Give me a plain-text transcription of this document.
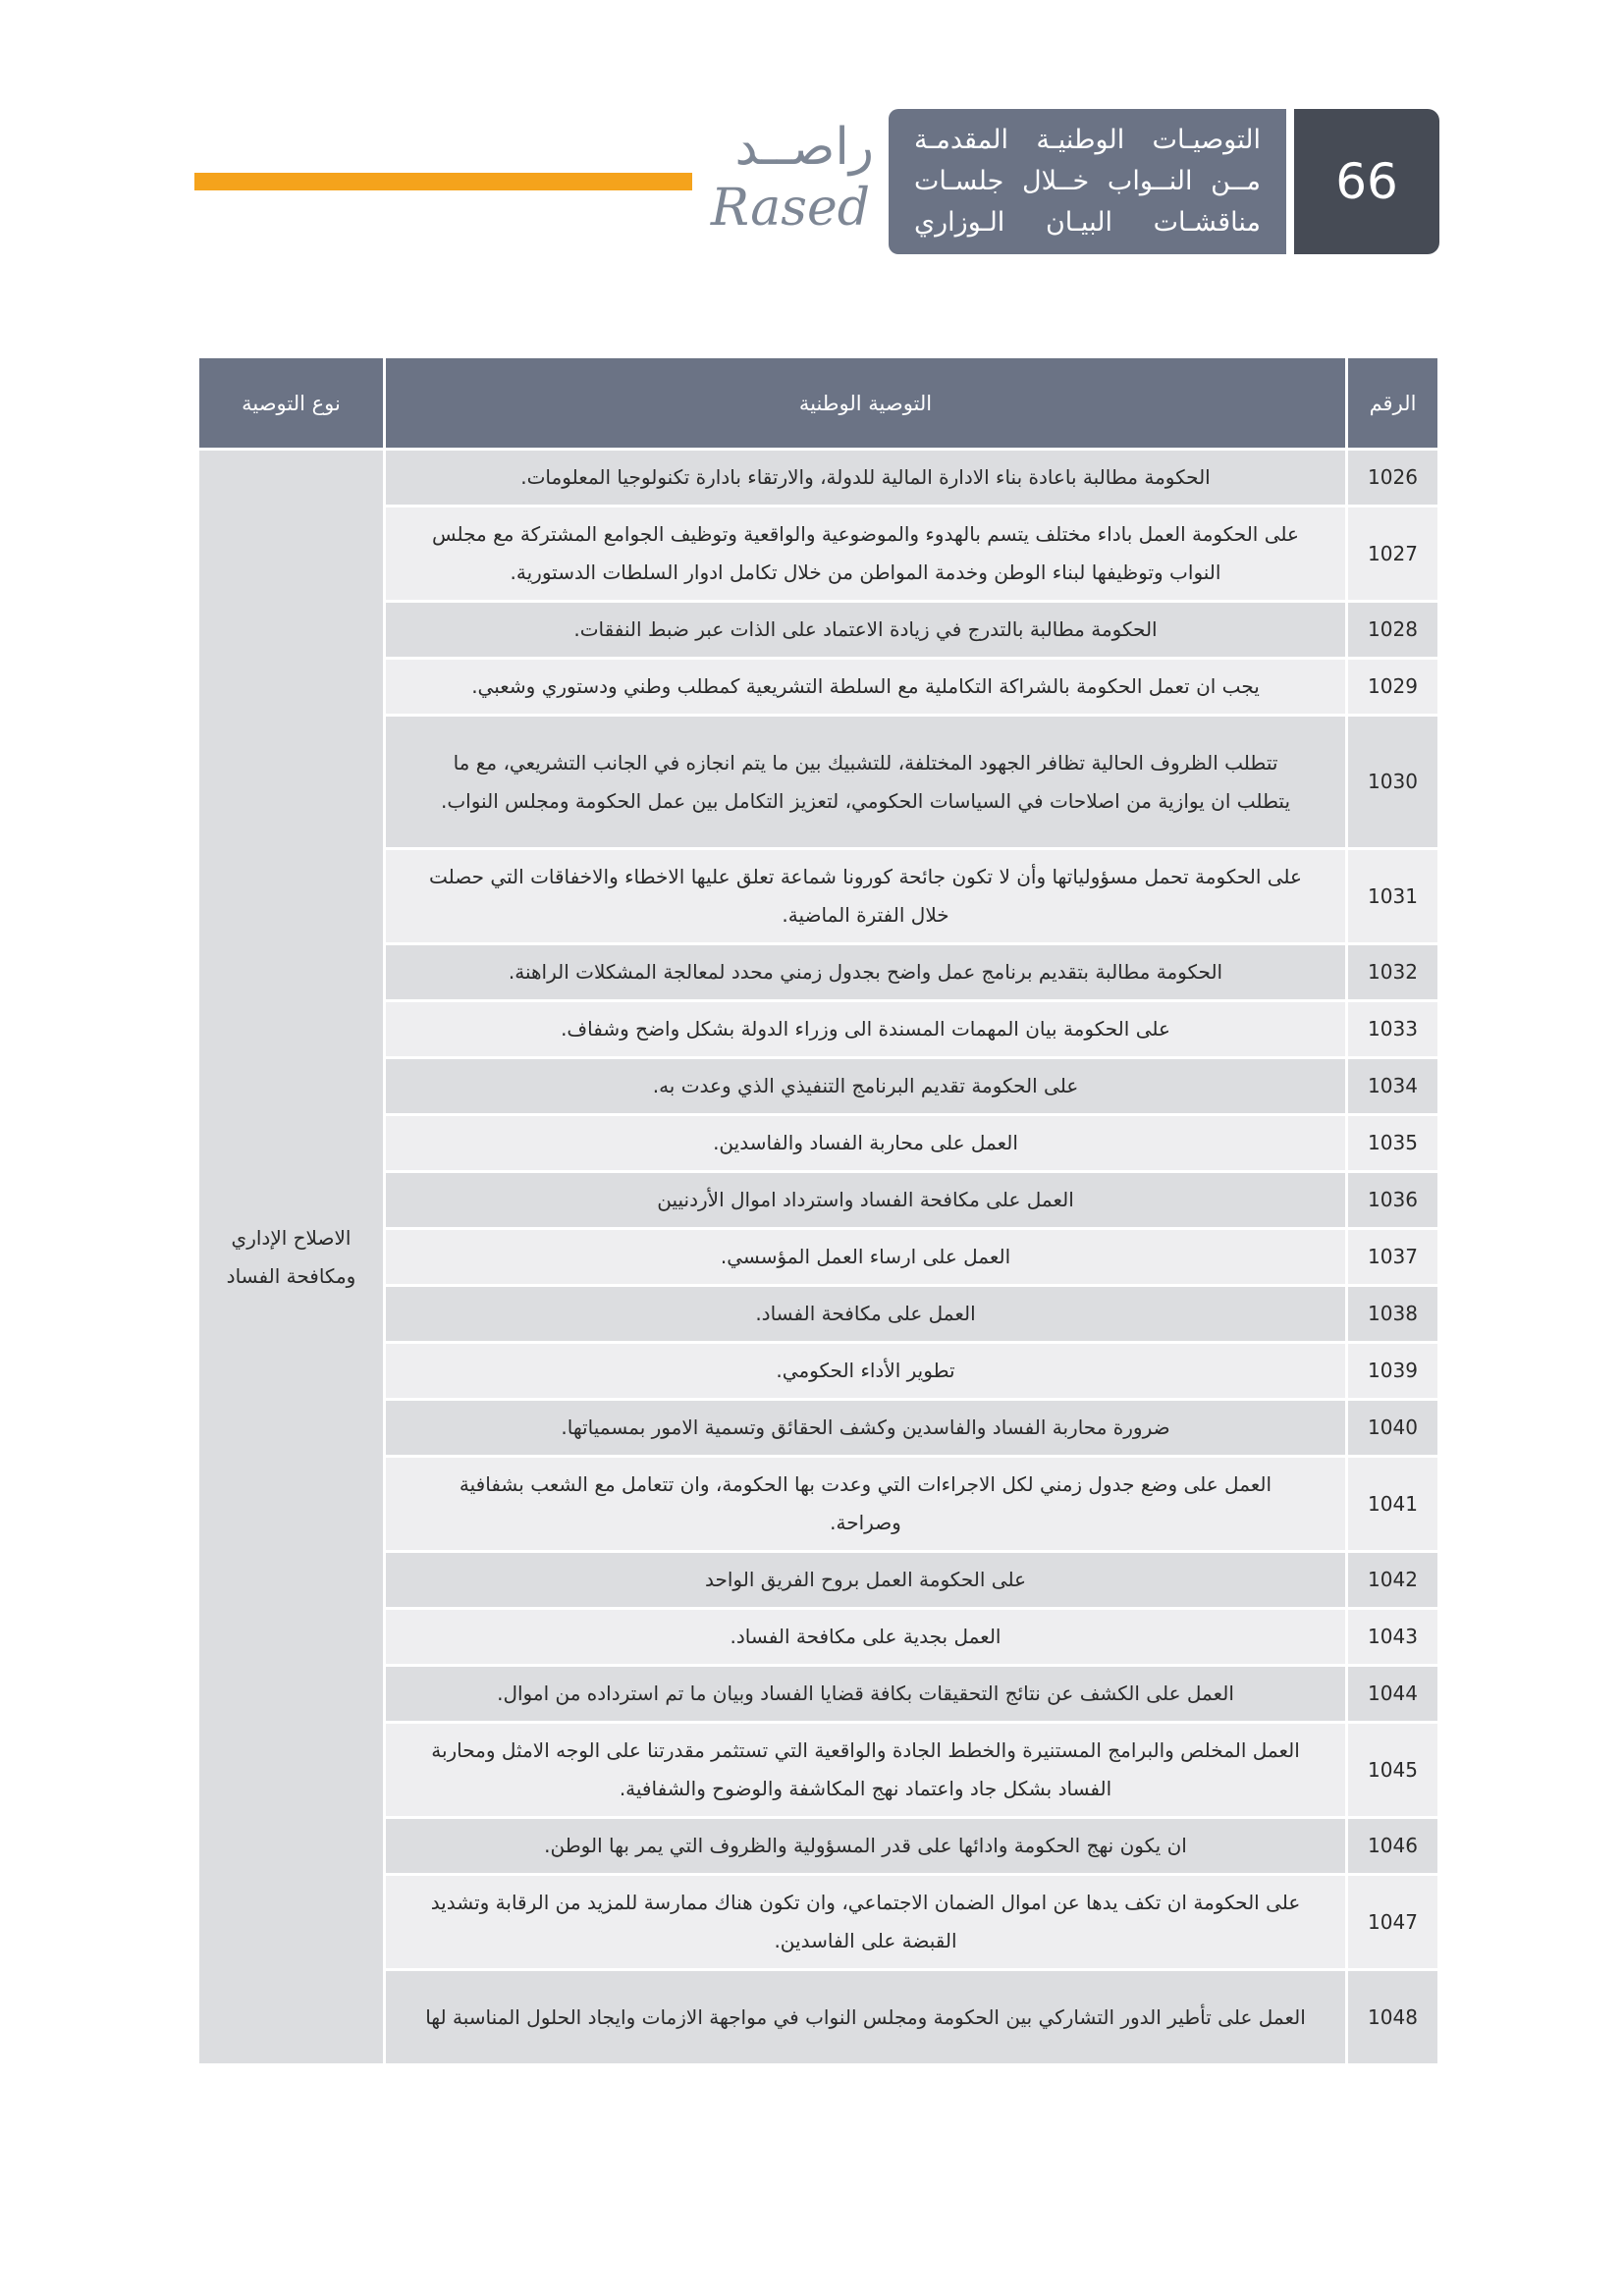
66
التوصيـات الوطنيـة المقدمـة
مــن النــواب خــلال جلسـات
مناقشـات البيـان الـوزاري
راصــد
Rased
الرقم	التوصية الوطنية	نوع التوصية
1026	الحكومة مطالبة باعادة بناء الادارة المالية للدولة، والارتقاء بادارة تكنولوجيا المعلومات.	الاصلاح الإداري ومكافحة الفساد
1027	على الحكومة العمل باداء مختلف يتسم بالهدوء والموضوعية والواقعية وتوظيف الجوامع المشتركة مع مجلس النواب وتوظيفها لبناء الوطن وخدمة المواطن من خلال تكامل ادوار السلطات الدستورية.	
1028	الحكومة مطالبة بالتدرج في زيادة الاعتماد على الذات عبر ضبط النفقات.	
1029	يجب ان تعمل الحكومة بالشراكة التكاملية مع السلطة التشريعية كمطلب وطني ودستوري وشعبي.	
1030	تتطلب الظروف الحالية تظافر الجهود المختلفة، للتشبيك بين ما يتم انجازه في الجانب التشريعي، مع ما يتطلب ان يوازية من اصلاحات في السياسات الحكومي، لتعزيز التكامل بين عمل الحكومة ومجلس النواب.	
1031	على الحكومة تحمل مسؤولياتها وأن لا تكون جائحة كورونا شماعة تعلق عليها الاخطاء والاخفاقات التي حصلت خلال الفترة الماضية.	
1032	الحكومة مطالبة بتقديم برنامج عمل واضح بجدول زمني محدد لمعالجة المشكلات الراهنة.	
1033	على الحكومة بيان المهمات المسندة الى وزراء الدولة بشكل واضح وشفاف.	
1034	على الحكومة تقديم البرنامج التنفيذي الذي وعدت به.	
1035	العمل على محاربة الفساد والفاسدين.	
1036	العمل على مكافحة الفساد واسترداد اموال الأردنيين	
1037	العمل على ارساء العمل المؤسسي.	
1038	العمل على مكافحة الفساد.	
1039	تطوير الأداء الحكومي.	
1040	ضرورة محاربة الفساد والفاسدين وكشف الحقائق وتسمية الامور بمسمياتها.	
1041	العمل على وضع جدول زمني لكل الاجراءات التي وعدت بها الحكومة، وان تتعامل مع الشعب بشفافية وصراحة.	
1042	على الحكومة العمل بروح الفريق الواحد	
1043	العمل بجدية على مكافحة الفساد.	
1044	العمل على الكشف عن نتائج التحقيقات بكافة قضايا الفساد وبيان ما تم استرداده من اموال.	
1045	العمل المخلص والبرامج المستنيرة والخطط الجادة والواقعية التي تستثمر مقدرتنا على الوجه الامثل ومحاربة الفساد بشكل جاد واعتماد نهج المكاشفة والوضوح والشفافية.	
1046	ان يكون نهج الحكومة وادائها على قدر المسؤولية والظروف التي يمر بها الوطن.	
1047	على الحكومة ان تكف يدها عن اموال الضمان الاجتماعي، وان تكون هناك ممارسة للمزيد من الرقابة وتشديد القبضة على الفاسدين.	
1048	العمل على تأطير الدور التشاركي بين الحكومة ومجلس النواب في مواجهة الازمات وايجاد الحلول المناسبة لها	
